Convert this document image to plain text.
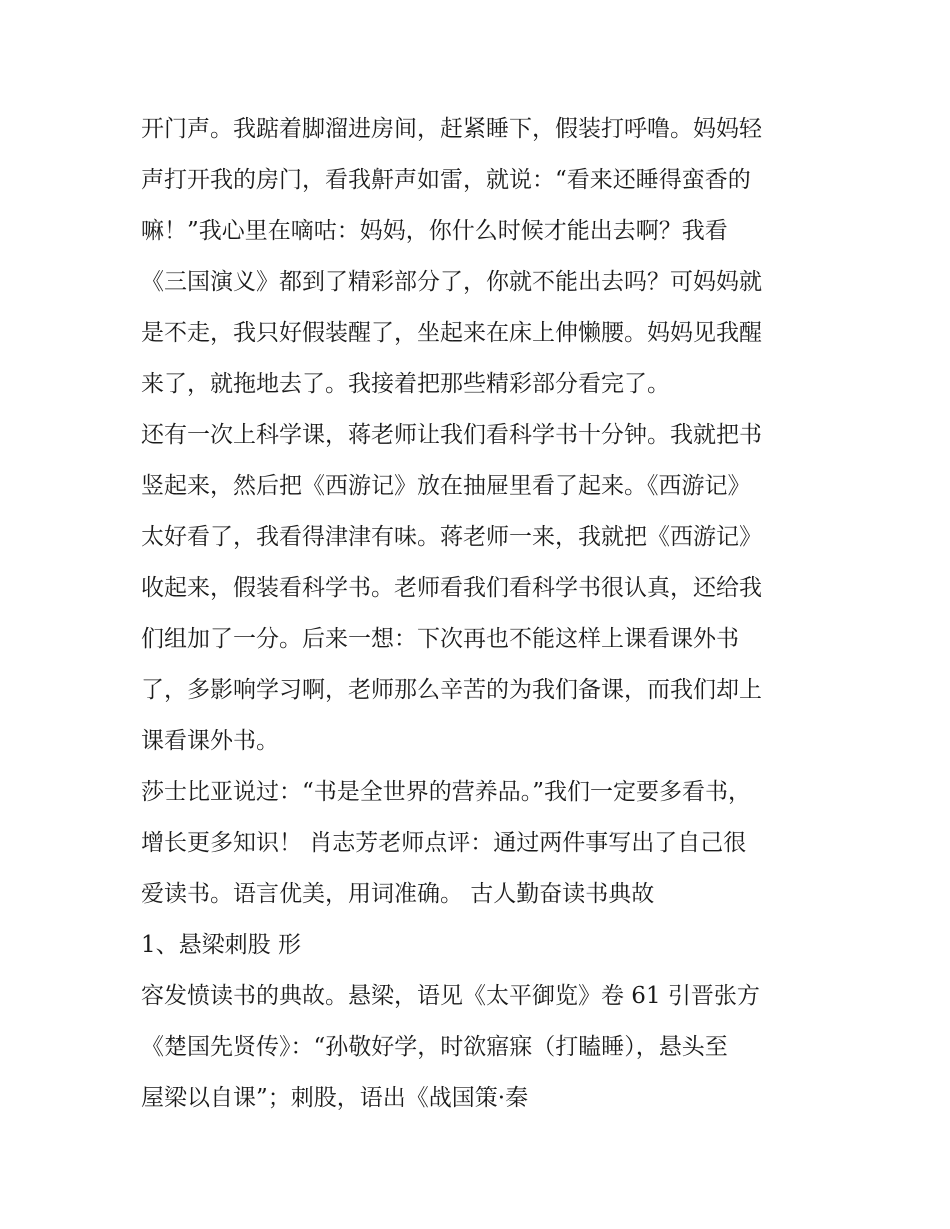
开门声。我踮着脚溜进房间，赶紧睡下，假装打呼噜。妈妈轻
声打开我的房门，看我鼾声如雷，就说：“看来还睡得蛮香的
嘛！”我心里在嘀咕：妈妈，你什么时候才能出去啊？我看
《三国演义》都到了精彩部分了，你就不能出去吗？可妈妈就
是不走，我只好假装醒了，坐起来在床上伸懒腰。妈妈见我醒
来了，就拖地去了。我接着把那些精彩部分看完了。
还有一次上科学课，蒋老师让我们看科学书十分钟。我就把书
竖起来，然后把《西游记》放在抽屉里看了起来。《西游记》
太好看了，我看得津津有味。蒋老师一来，我就把《西游记》
收起来，假装看科学书。老师看我们看科学书很认真，还给我
们组加了一分。后来一想：下次再也不能这样上课看课外书
了，多影响学习啊，老师那么辛苦的为我们备课，而我们却上
课看课外书。
莎士比亚说过：“书是全世界的营养品。”我们一定要多看书，
增长更多知识！ 肖志芳老师点评：通过两件事写出了自己很
爱读书。语言优美，用词准确。 古人勤奋读书典故
1、悬梁刺股 形
容发愤读书的典故。悬梁，语见《太平御览》卷 61 引晋张方
《楚国先贤传》：“孙敬好学，时欲寤寐（打瞌睡），悬头至
屋梁以自课”；刺股，语出《战国策·秦
